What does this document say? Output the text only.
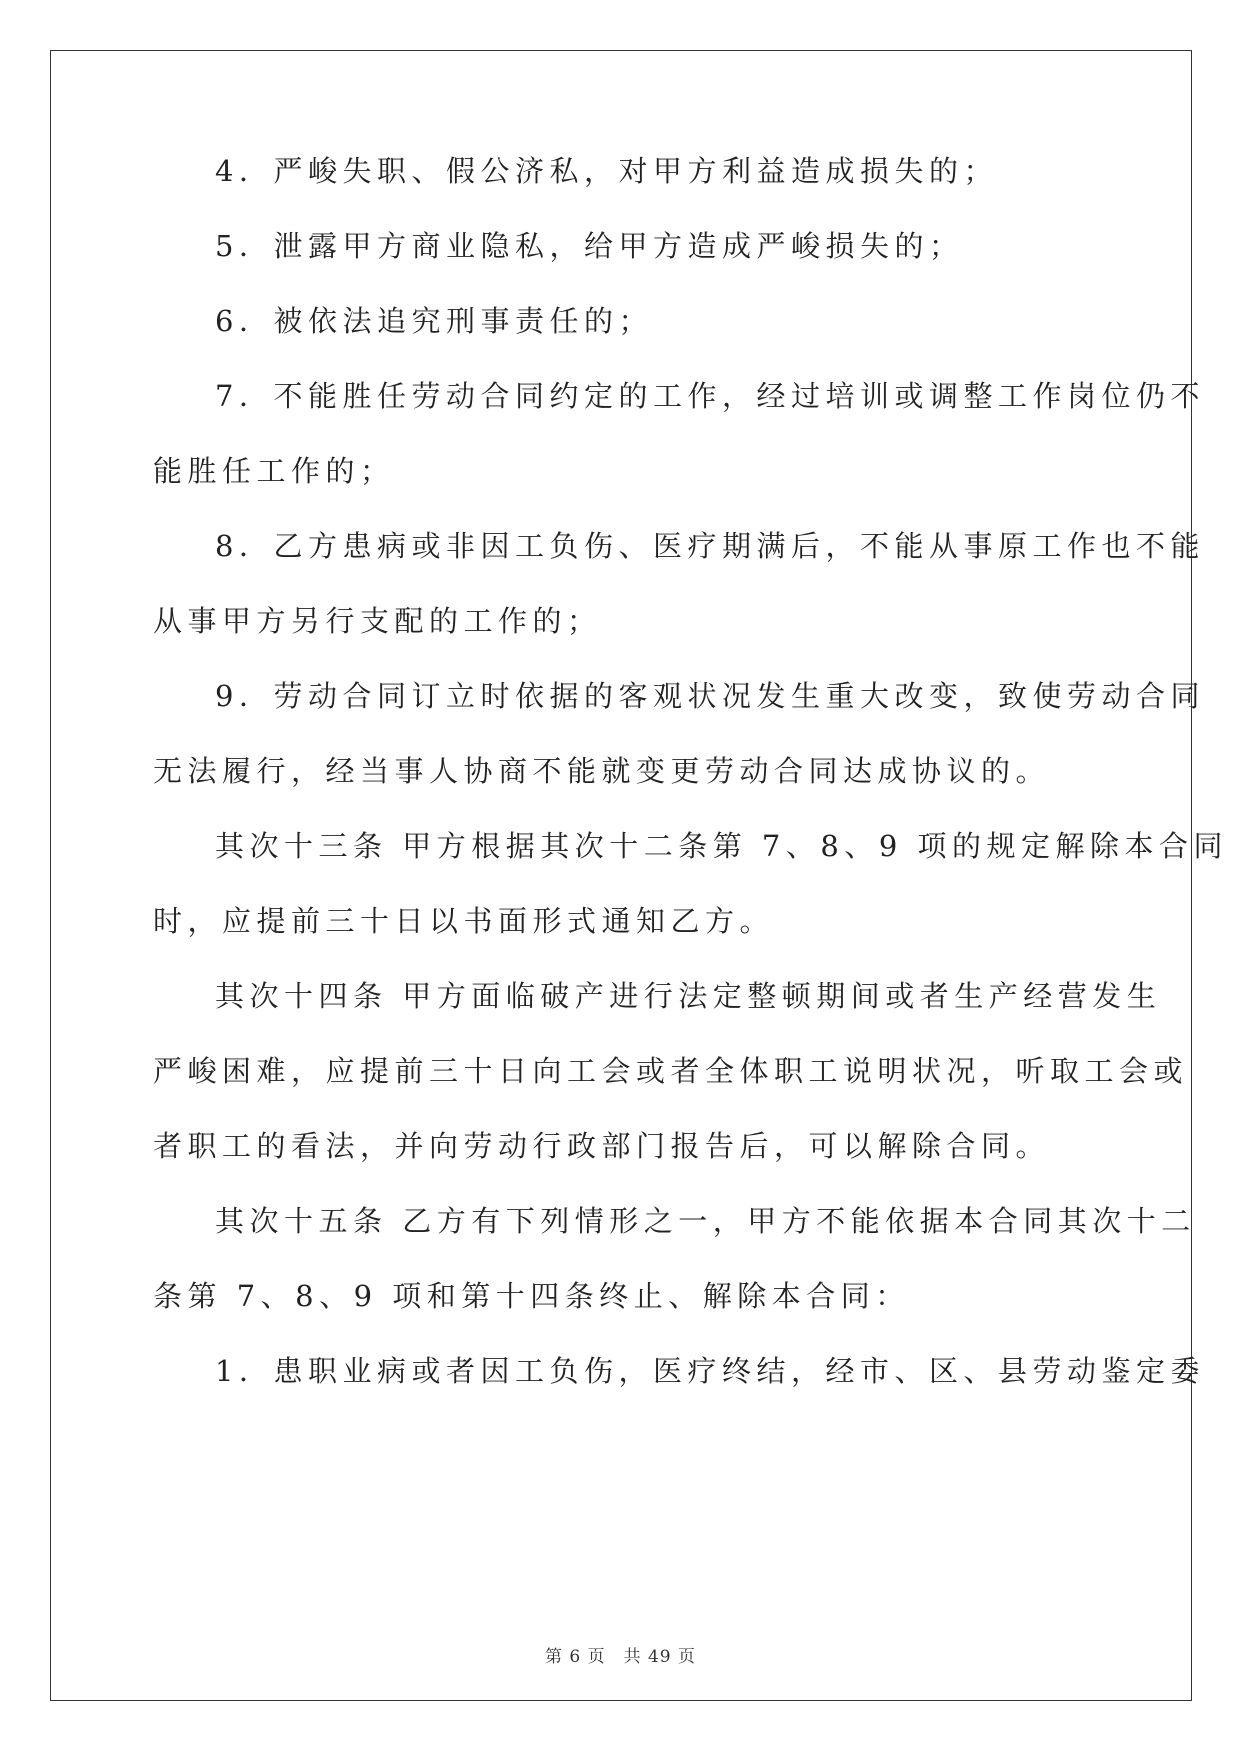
4．严峻失职、假公济私，对甲方利益造成损失的；
5．泄露甲方商业隐私，给甲方造成严峻损失的；
6．被依法追究刑事责任的；
7．不能胜任劳动合同约定的工作，经过培训或调整工作岗位仍不
能胜任工作的；
8．乙方患病或非因工负伤、医疗期满后，不能从事原工作也不能
从事甲方另行支配的工作的；
9．劳动合同订立时依据的客观状况发生重大改变，致使劳动合同
无法履行，经当事人协商不能就变更劳动合同达成协议的。
其次十三条 甲方根据其次十二条第 7、8、9 项的规定解除本合同
时，应提前三十日以书面形式通知乙方。
其次十四条 甲方面临破产进行法定整顿期间或者生产经营发生
严峻困难，应提前三十日向工会或者全体职工说明状况，听取工会或
者职工的看法，并向劳动行政部门报告后，可以解除合同。
其次十五条 乙方有下列情形之一，甲方不能依据本合同其次十二
条第 7、8、9 项和第十四条终止、解除本合同：
1．患职业病或者因工负伤，医疗终结，经市、区、县劳动鉴定委
第 6 页　共 49 页
